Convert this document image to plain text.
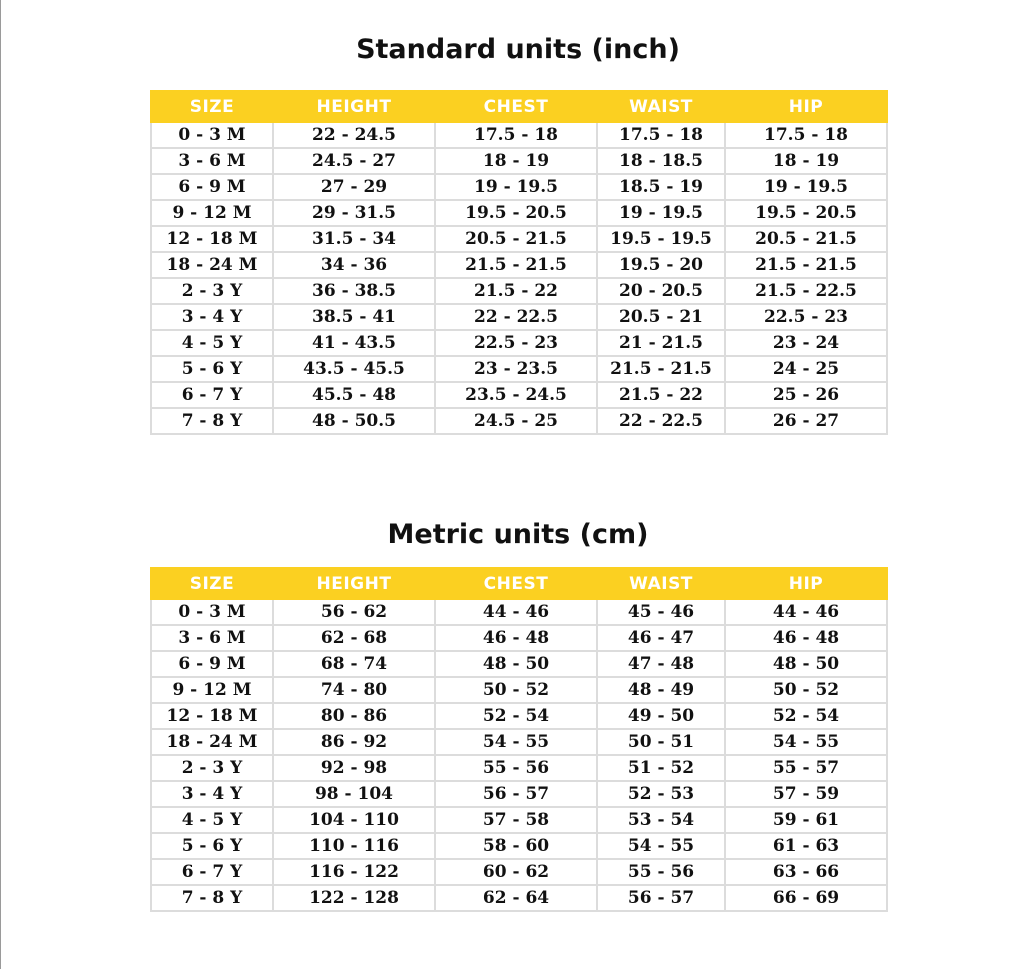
Standard units (inch)
SIZE	HEIGHT	CHEST	WAIST	HIP
0 - 3 M	22 - 24.5	17.5 - 18	17.5 - 18	17.5 - 18
3 - 6 M	24.5 - 27	18 - 19	18 - 18.5	18 - 19
6 - 9 M	27 - 29	19 - 19.5	18.5 - 19	19 - 19.5
9 - 12 M	29 - 31.5	19.5 - 20.5	19 - 19.5	19.5 - 20.5
12 - 18 M	31.5 - 34	20.5 - 21.5	19.5 - 19.5	20.5 - 21.5
18 - 24 M	34 - 36	21.5 - 21.5	19.5 - 20	21.5 - 21.5
2 - 3 Y	36 - 38.5	21.5 - 22	20 - 20.5	21.5 - 22.5
3 - 4 Y	38.5 - 41	22 - 22.5	20.5 - 21	22.5 - 23
4 - 5 Y	41 - 43.5	22.5 - 23	21 - 21.5	23 - 24
5 - 6 Y	43.5 - 45.5	23 - 23.5	21.5 - 21.5	24 - 25
6 - 7 Y	45.5 - 48	23.5 - 24.5	21.5 - 22	25 - 26
7 - 8 Y	48 - 50.5	24.5 - 25	22 - 22.5	26 - 27
Metric units (cm)
SIZE	HEIGHT	CHEST	WAIST	HIP
0 - 3 M	56 - 62	44 - 46	45 - 46	44 - 46
3 - 6 M	62 - 68	46 - 48	46 - 47	46 - 48
6 - 9 M	68 - 74	48 - 50	47 - 48	48 - 50
9 - 12 M	74 - 80	50 - 52	48 - 49	50 - 52
12 - 18 M	80 - 86	52 - 54	49 - 50	52 - 54
18 - 24 M	86 - 92	54 - 55	50 - 51	54 - 55
2 - 3 Y	92 - 98	55 - 56	51 - 52	55 - 57
3 - 4 Y	98 - 104	56 - 57	52 - 53	57 - 59
4 - 5 Y	104 - 110	57 - 58	53 - 54	59 - 61
5 - 6 Y	110 - 116	58 - 60	54 - 55	61 - 63
6 - 7 Y	116 - 122	60 - 62	55 - 56	63 - 66
7 - 8 Y	122 - 128	62 - 64	56 - 57	66 - 69
